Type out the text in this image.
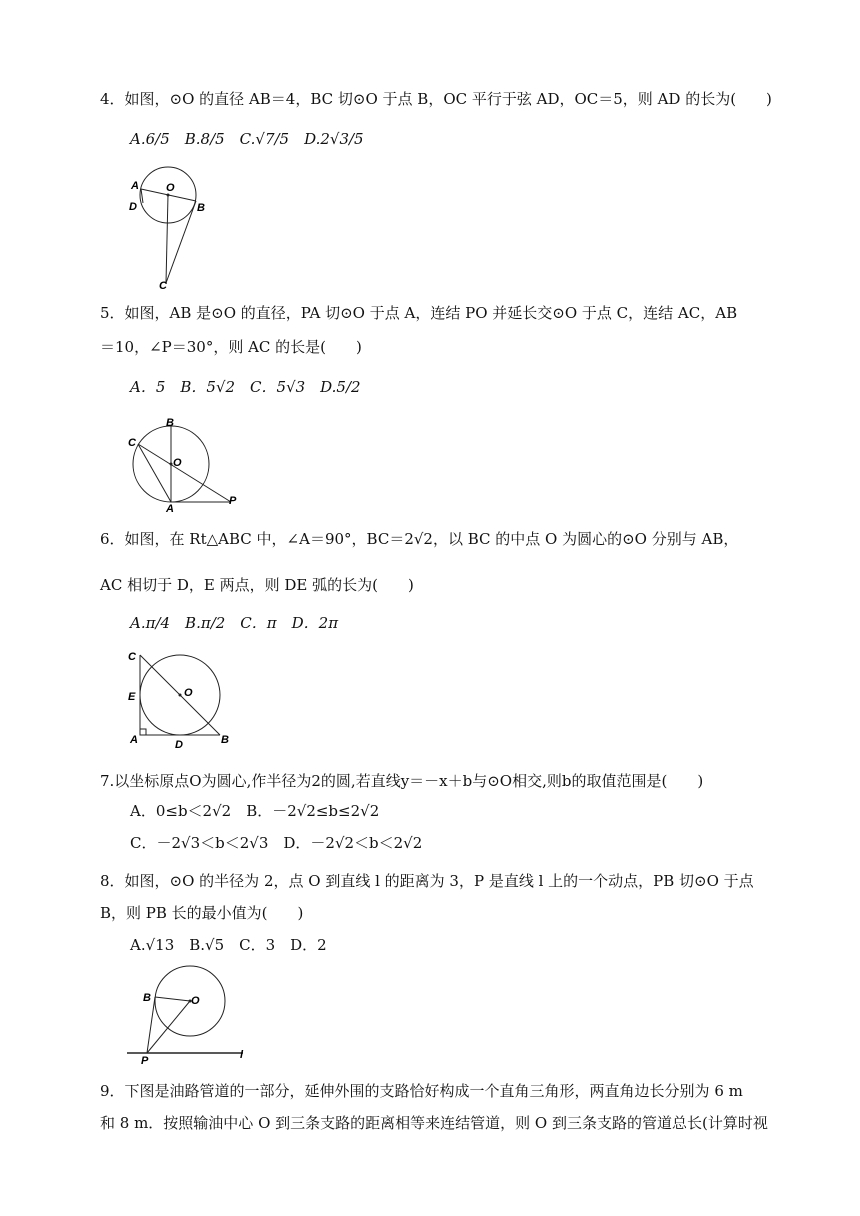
4．如图，⊙O 的直径 AB＝4，BC 切⊙O 于点 B，OC 平行于弦 AD，OC＝5，则 AD 的长为(　　)
A.6/5　B.8/5　C.√7/5　D.2√3/5
A O
D	B
C
5．如图，AB 是⊙O 的直径，PA 切⊙O 于点 A，连结 PO 并延长交⊙O 于点 C，连结 AC，AB
＝10，∠P＝30°，则 AC 的长是(　　)
A．5　B．5√2　C．5√3　D.5/2
B
C
O
A
P
6．如图，在 Rt△ABC 中，∠A＝90°，BC＝2√2，以 BC 的中点 O 为圆心的⊙O 分别与 AB，
AC 相切于 D，E 两点，则 DE 弧的长为(　　)
A.π/4　B.π/2　C．π　D．2π
C
O
E
A	D	B
7.以坐标原点O为圆心,作半径为2的圆,若直线y＝－x＋b与⊙O相交,则b的取值范围是(　　)
A．0≤b＜2√2　B．－2√2≤b≤2√2
C．－2√3＜b＜2√3　D．－2√2＜b＜2√2
8．如图，⊙O 的半径为 2，点 O 到直线 l 的距离为 3，P 是直线 l 上的一个动点，PB 切⊙O 于点
B，则 PB 长的最小值为(　　)
A.√13　B.√5　C．3　D．2
B	O
P	l
9．下图是油路管道的一部分，延伸外围的支路恰好构成一个直角三角形，两直角边长分别为 6 m
和 8 m．按照输油中心 O 到三条支路的距离相等来连结管道，则 O 到三条支路的管道总长(计算时视
